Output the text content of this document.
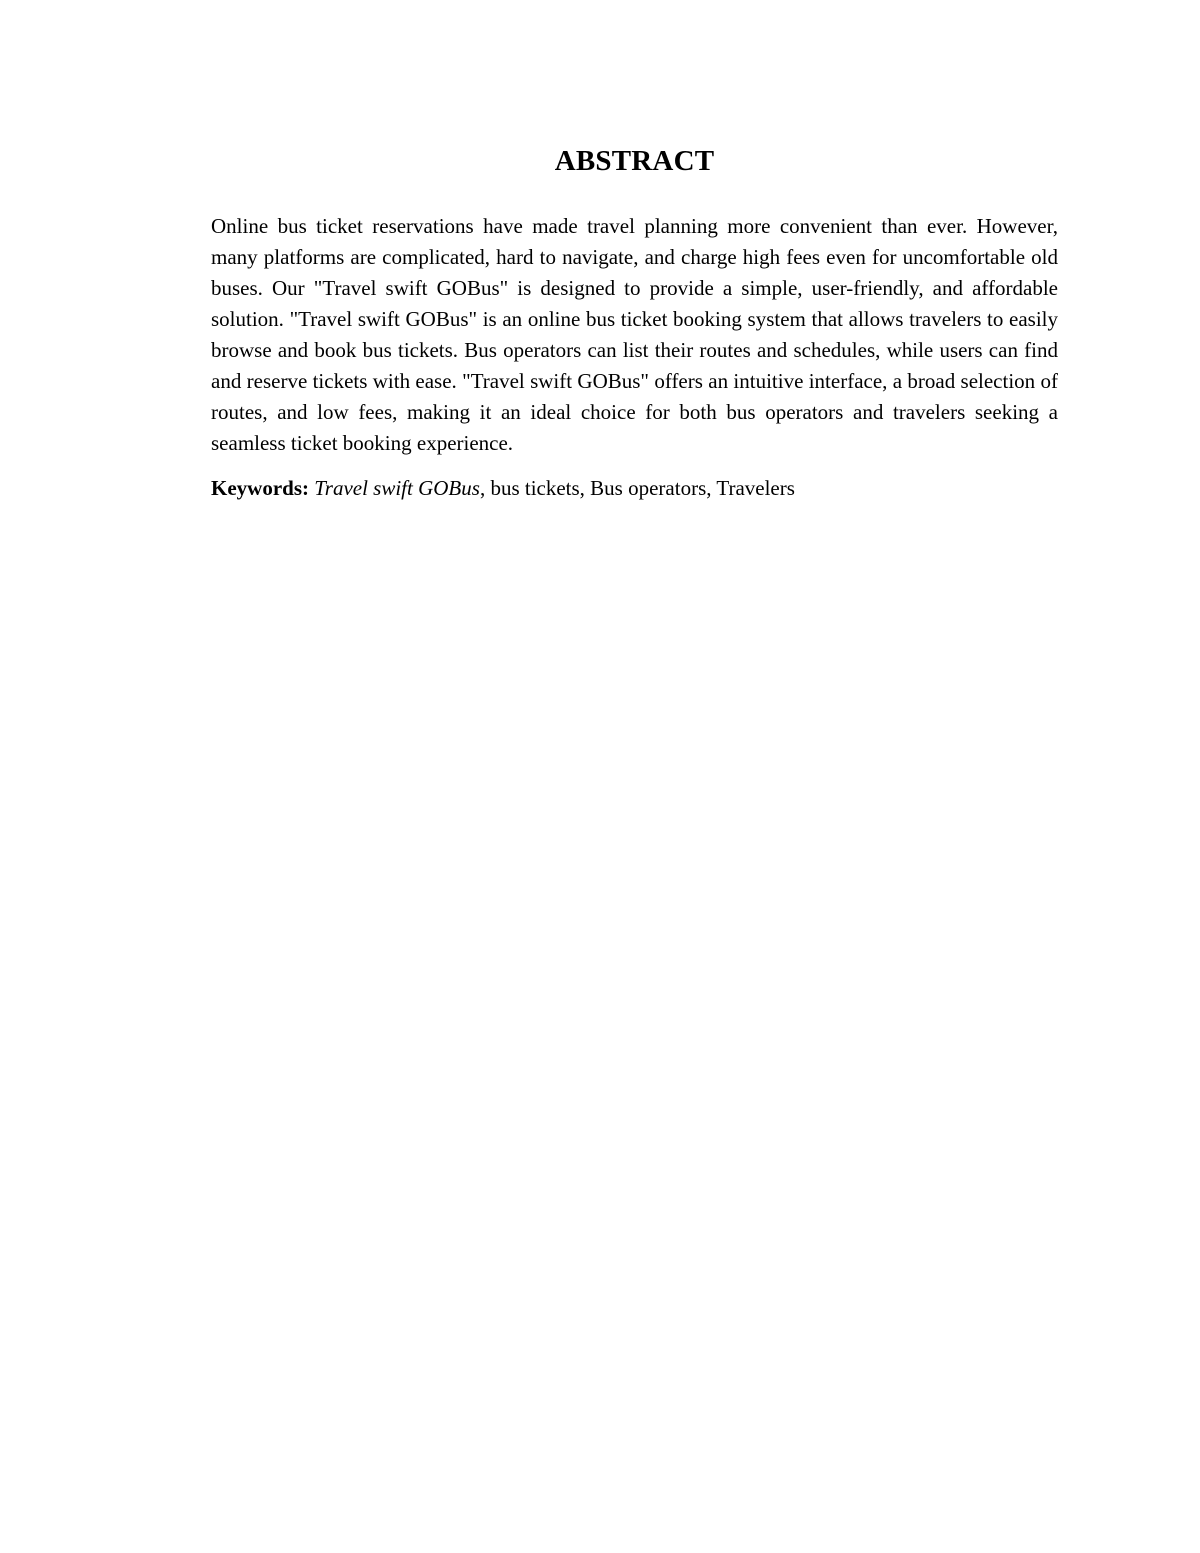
ABSTRACT

Online bus ticket reservations have made travel planning more convenient than ever. However, many platforms are complicated, hard to navigate, and charge high fees even for uncomfortable old buses. Our "Travel swift GOBus" is designed to provide a simple, user-friendly, and affordable solution. "Travel swift GOBus" is an online bus ticket booking system that allows travelers to easily browse and book bus tickets. Bus operators can list their routes and schedules, while users can find and reserve tickets with ease. "Travel swift GOBus" offers an intuitive interface, a broad selection of routes, and low fees, making it an ideal choice for both bus operators and travelers seeking a seamless ticket booking experience.

Keywords: Travel swift GOBus, bus tickets, Bus operators, Travelers
